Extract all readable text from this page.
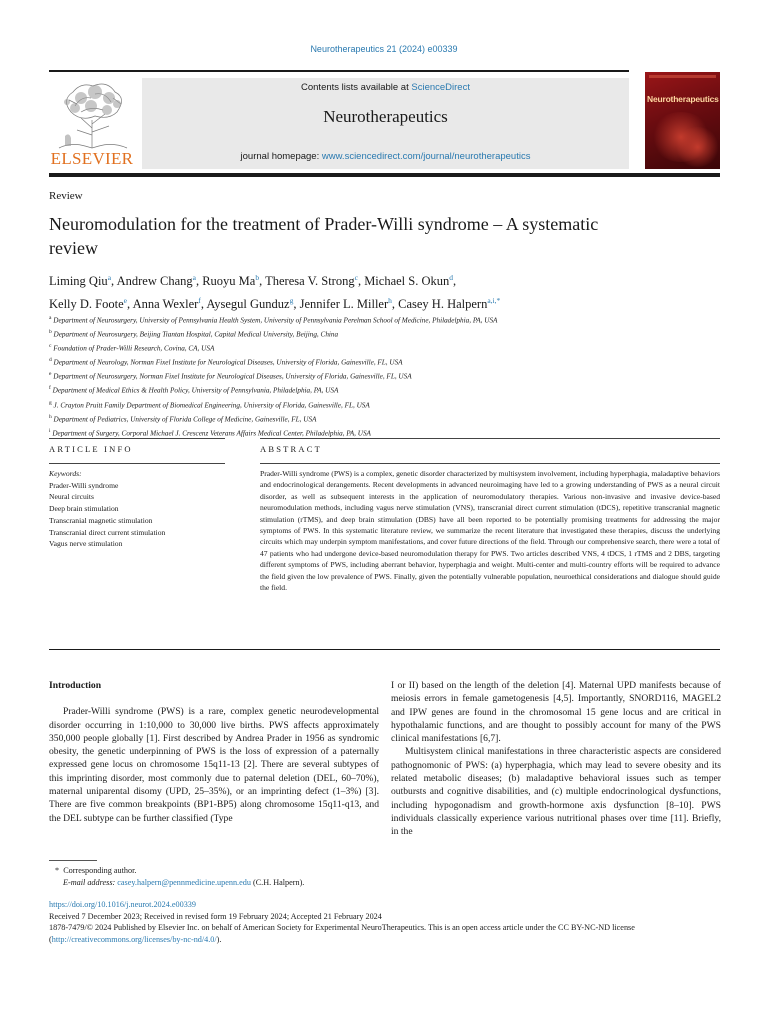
Neurotherapeutics 21 (2024) e00339
ELSEVIER
Contents lists available at ScienceDirect
Neurotherapeutics
journal homepage: www.sciencedirect.com/journal/neurotherapeutics
Neurotherapeutics
Review
Neuromodulation for the treatment of Prader-Willi syndrome – A systematic review
Liming Qiu$^a$, Andrew Chang$^a$, Ruoyu Ma$^b$, Theresa V. Strong$^c$, Michael S. Okun$^d$,
Kelly D. Foote$^e$, Anna Wexler$^f$, Aysegul Gunduz$^g$, Jennifer L. Miller$^h$, Casey H. Halpern$^{a,i,*}$
$^a$ Department of Neurosurgery, University of Pennsylvania Health System, University of Pennsylvania Perelman School of Medicine, Philadelphia, PA, USA
$^b$ Department of Neurosurgery, Beijing Tiantan Hospital, Capital Medical University, Beijing, China
$^c$ Foundation of Prader-Willi Research, Covina, CA, USA
$^d$ Department of Neurology, Norman Fixel Institute for Neurological Diseases, University of Florida, Gainesville, FL, USA
$^e$ Department of Neurosurgery, Norman Fixel Institute for Neurological Diseases, University of Florida, Gainesville, FL, USA
$^f$ Department of Medical Ethics & Health Policy, University of Pennsylvania, Philadelphia, PA, USA
$^g$ J. Crayton Pruitt Family Department of Biomedical Engineering, University of Florida, Gainesville, FL, USA
$^h$ Department of Pediatrics, University of Florida College of Medicine, Gainesville, FL, USA
$^i$ Department of Surgery, Corporal Michael J. Crescenz Veterans Affairs Medical Center, Philadelphia, PA, USA
ARTICLE INFO	ABSTRACT
Keywords:
Prader-Willi syndrome
Neural circuits
Deep brain stimulation
Transcranial magnetic stimulation
Transcranial direct current stimulation
Vagus nerve stimulation
Prader-Willi syndrome (PWS) is a complex, genetic disorder characterized by multisystem involvement, including hyperphagia, maladaptive behaviors and endocrinological derangements. Recent developments in advanced neuroimaging have led to a growing understanding of PWS as a neural circuit disorder, as well as subsequent interests in the application of neuromodulatory therapies. Various non-invasive and invasive device-based neuromodulation methods, including vagus nerve stimulation (VNS), transcranial direct current stimulation (tDCS), repetitive transcranial magnetic stimulation (rTMS), and deep brain stimulation (DBS) have all been reported to be potentially promising treatments for addressing the major symptoms of PWS. In this systematic literature review, we summarize the recent literature that investigated these therapies, discuss the underlying circuits which may underpin symptom manifestations, and cover future directions of the field. Through our comprehensive search, there were a total of 47 patients who had undergone device-based neuromodulation therapy for PWS. Two articles described VNS, 4 tDCS, 1 rTMS and 2 DBS, targeting different symptoms of PWS, including aberrant behavior, hyperphagia and weight. Multi-center and multi-country efforts will be required to advance the field given the low prevalence of PWS. Finally, given the potentially vulnerable population, neuroethical considerations and dialogue should guide the field.
Introduction

Prader-Willi syndrome (PWS) is a rare, complex genetic neurodevelopmental disorder occurring in 1:10,000 to 30,000 live births. PWS affects approximately 350,000 people globally [1]. First described by Andrea Prader in 1956 as syndromic obesity, the genetic underpinning of PWS is the loss of expression of a paternally expressed gene locus on chromosome 15q11-13 [2]. There are several subtypes of this imprinting disorder, most commonly due to paternal deletion (DEL, 60–70%), maternal uniparental disomy (UPD, 25–35%), or an imprinting defect (1–3%) [3]. There are five common breakpoints (BP1-BP5) along chromosome 15q11-q13, and the DEL subtype can be further classified (Type

I or II) based on the length of the deletion [4]. Maternal UPD manifests because of meiosis errors in female gametogenesis [4,5]. Importantly, SNORD116, MAGEL2 and IPW genes are found in the chromosomal 15 gene locus and are critical in hypothalamic functions, and are thought to possibly account for many of the PWS clinical manifestations [6,7].

Multisystem clinical manifestations in three characteristic aspects are considered pathognomonic of PWS: (a) hyperphagia, which may lead to severe obesity and its related metabolic diseases; (b) maladaptive behavioral issues such as temper outbursts and cognitive disabilities, and (c) multiple endocrinological dysfunctions, including hypogonadism and growth-hormone axis dysfunction [8–10]. PWS individuals classically experience various nutritional phases over time [11]. Briefly, in the

* Corresponding author.
E-mail address: casey.halpern@pennmedicine.upenn.edu (C.H. Halpern).
https://doi.org/10.1016/j.neurot.2024.e00339
Received 7 December 2023; Received in revised form 19 February 2024; Accepted 21 February 2024
1878-7479/© 2024 Published by Elsevier Inc. on behalf of American Society for Experimental NeuroTherapeutics. This is an open access article under the CC BY-NC-ND license (http://creativecommons.org/licenses/by-nc-nd/4.0/).
